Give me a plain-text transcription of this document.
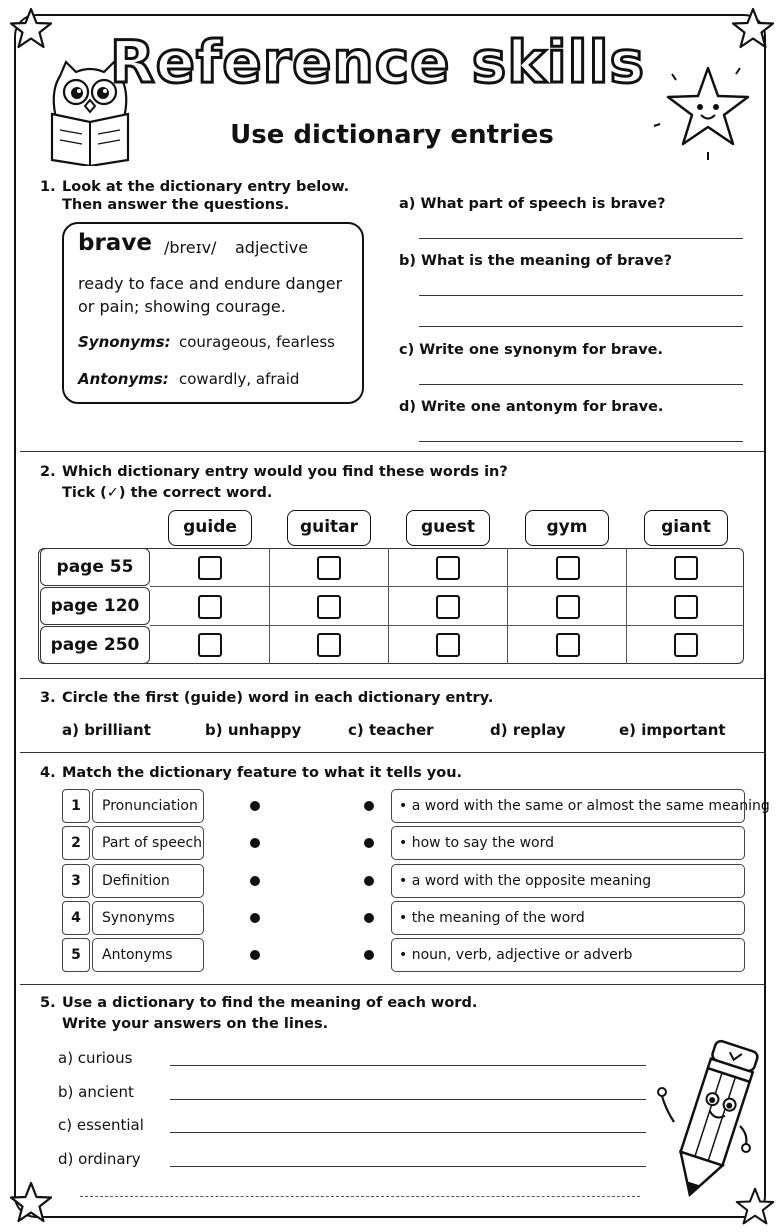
Reference skills
Use dictionary entries
1. Look at the dictionary entry below.
Then answer the questions.
brave /breɪv/ adjective
ready to face and endure danger
or pain; showing courage.
Synonyms: courageous, fearless
Antonyms: cowardly, afraid
a) What part of speech is brave?
b) What is the meaning of brave?
c) Write one synonym for brave.
d) Write one antonym for brave.
2. Which dictionary entry would you find these words in?
Tick (✓) the correct word.
guide	guitar	guest	gym	giant
page 55
page 120
page 250
3. Circle the first (guide) word in each dictionary entry.
a) brilliant	b) unhappy	c) teacher	d) replay	e) important
4. Match the dictionary feature to what it tells you.
1	Pronunciation	• a word with the same or almost the same meaning
2	Part of speech	• how to say the word
3	Definition	• a word with the opposite meaning
4	Synonyms	• the meaning of the word
5	Antonyms	• noun, verb, adjective or adverb
5. Use a dictionary to find the meaning of each word.
Write your answers on the lines.
a) curious
b) ancient
c) essential
d) ordinary
